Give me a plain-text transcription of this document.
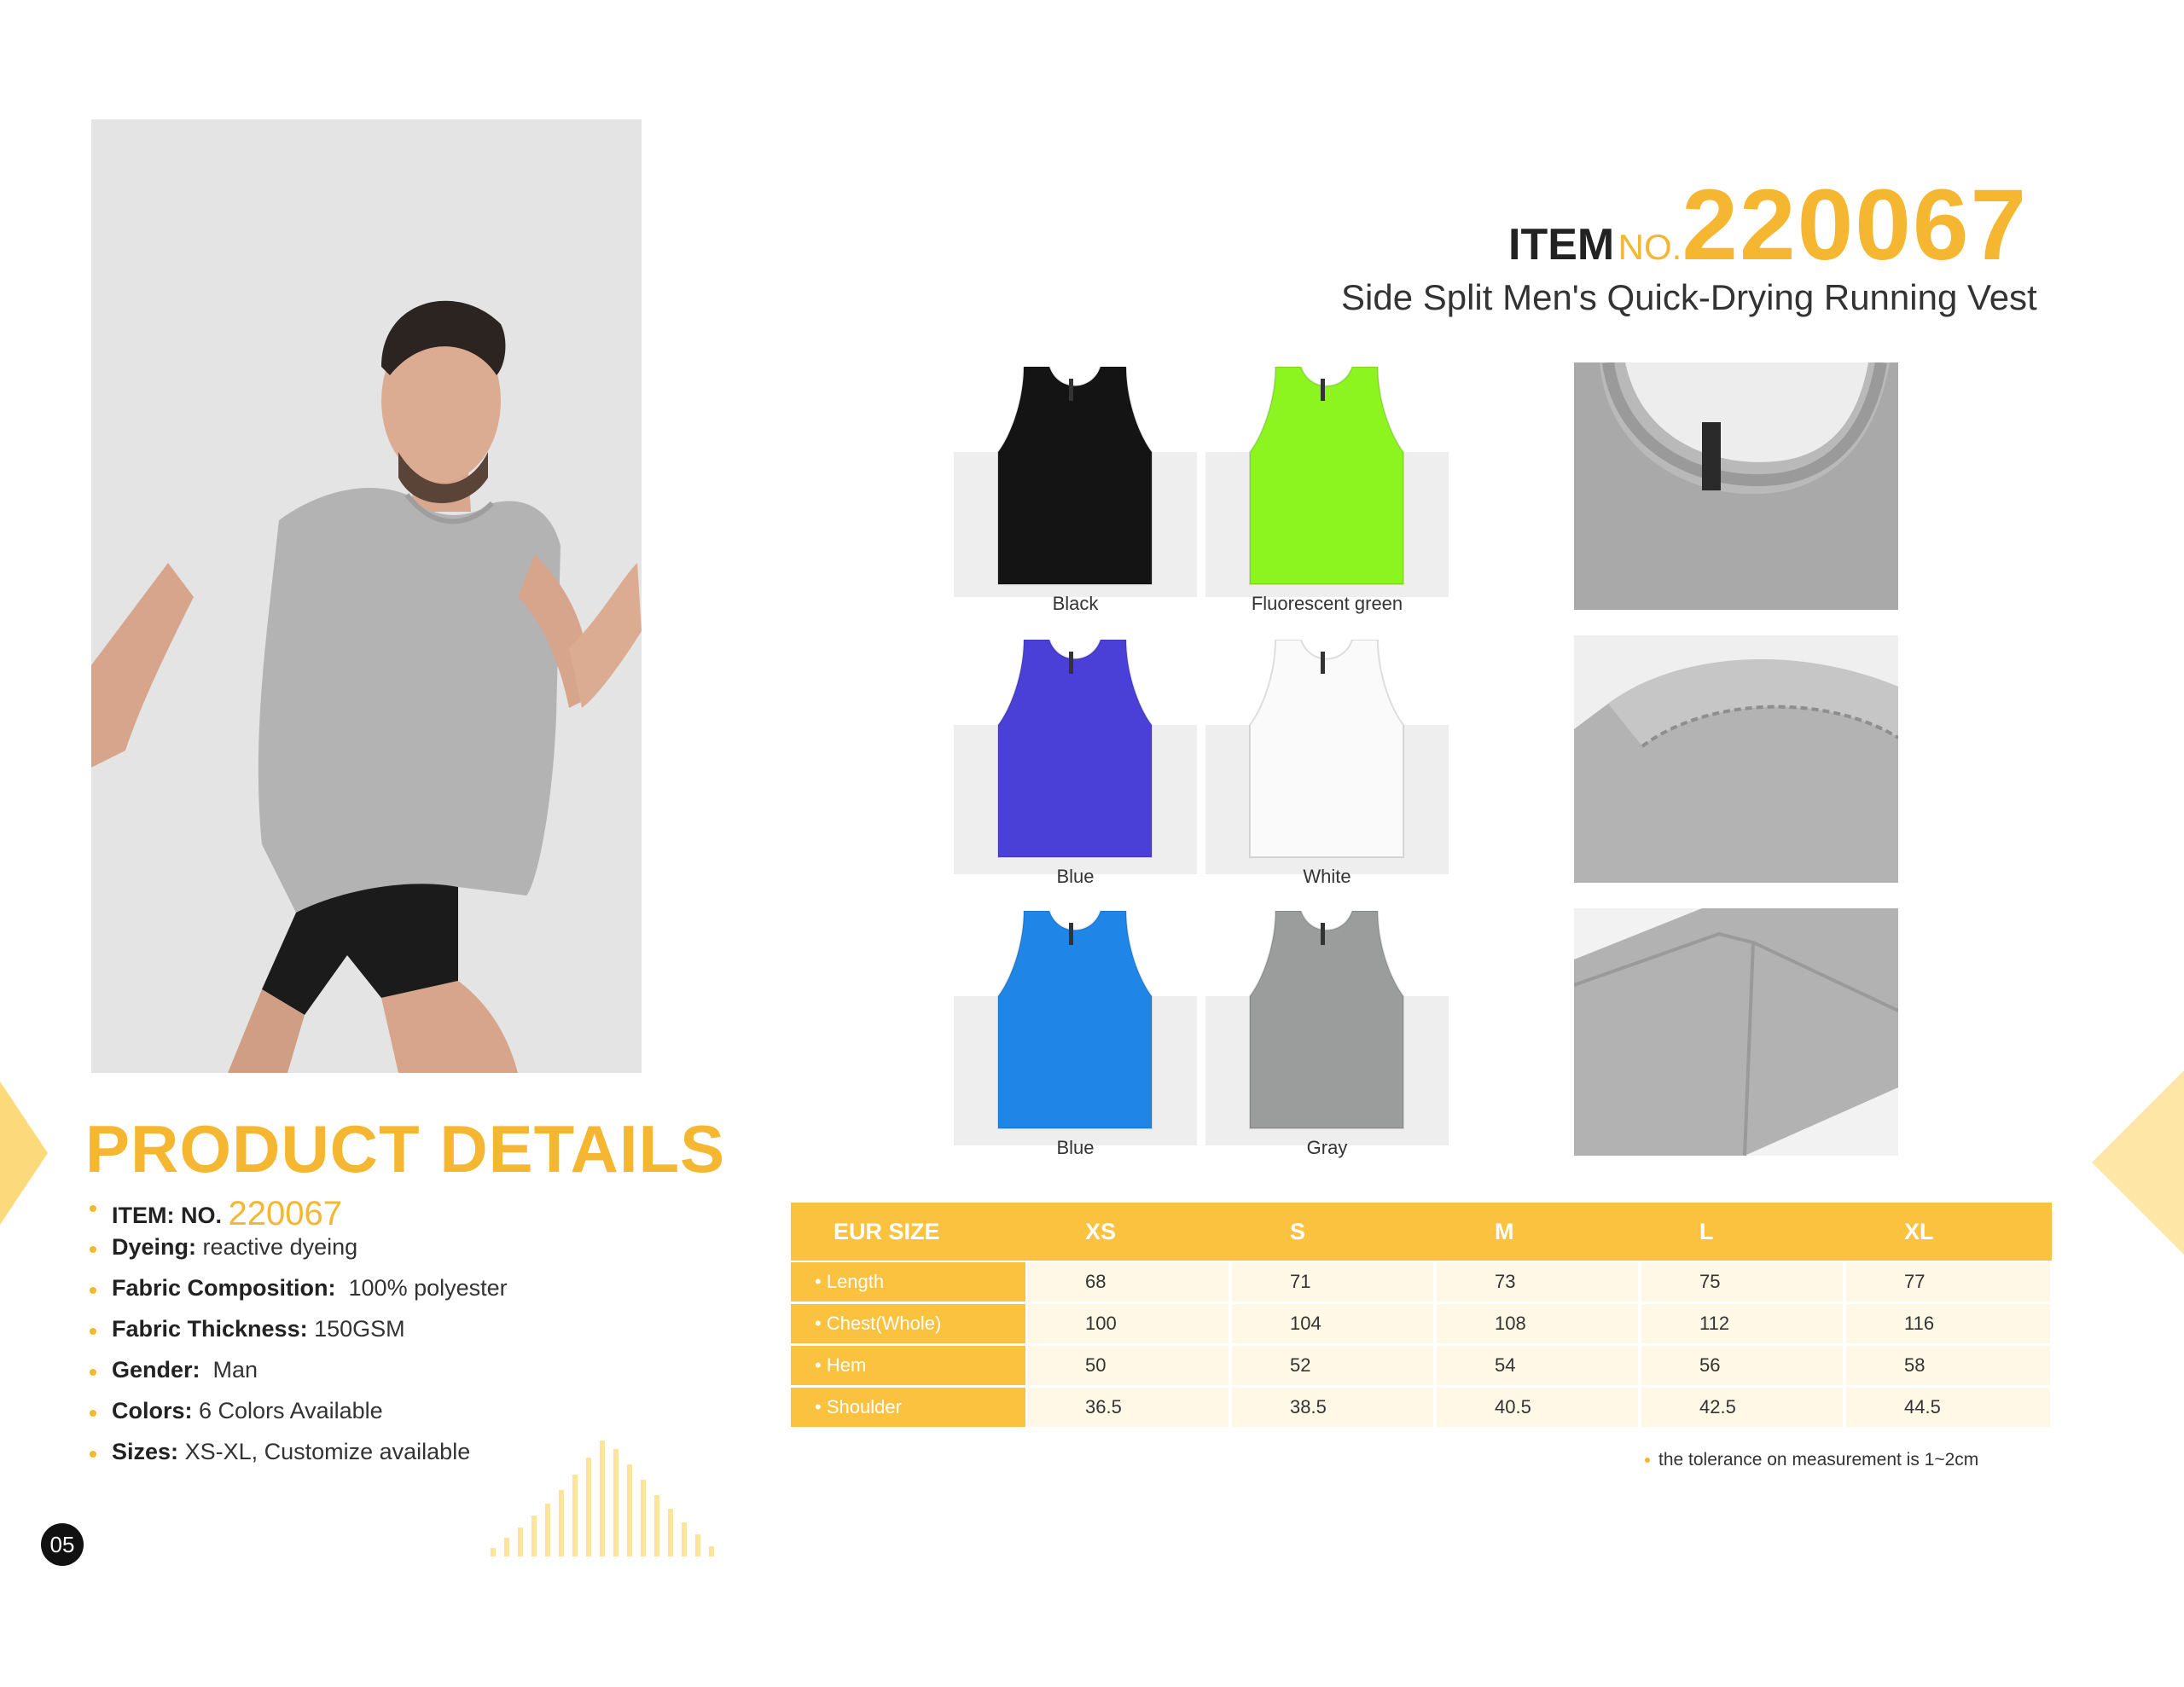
PRODUCT DETAILS
ITEM: NO. 220067
Dyeing: reactive dyeing
Fabric Composition: 100% polyester
Fabric Thickness: 150GSM
Gender: Man
Colors: 6 Colors Available
Sizes: XS-XL, Customize available
05
ITEM NO.220067
Side Split Men's Quick-Drying Running Vest
Black	Fluorescent green
Blue	White
Blue	Gray
EUR SIZE	XS	S	M	L	XL
• Length	68	71	73	75	77
• Chest(Whole)	100	104	108	112	116
• Hem	50	52	54	56	58
• Shoulder	36.5	38.5	40.5	42.5	44.5
the tolerance on measurement is 1~2cm
